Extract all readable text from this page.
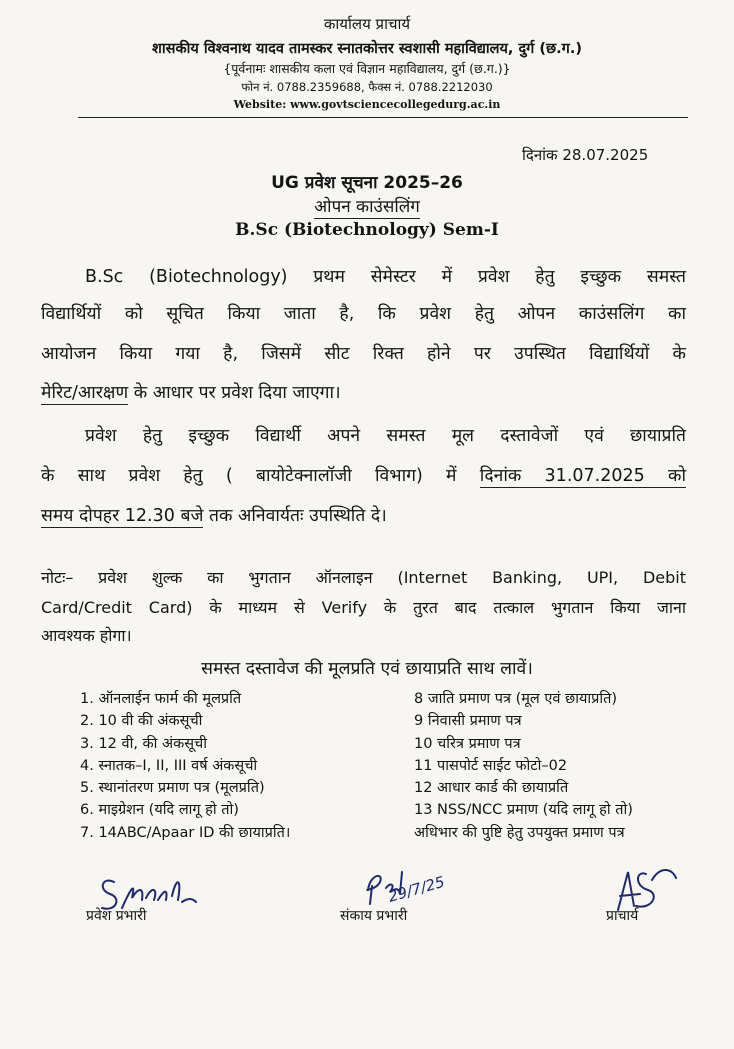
कार्यालय प्राचार्य
शासकीय विश्वनाथ यादव तामस्कर स्नातकोत्तर स्वशासी महाविद्यालय, दुर्ग (छ.ग.)
{पूर्वनामः शासकीय कला एवं विज्ञान महाविद्यालय, दुर्ग (छ.ग.)}
फोन नं. 0788.2359688, फैक्स नं. 0788.2212030
Website: www.govtsciencecollegedurg.ac.in
दिनांक 28.07.2025
UG प्रवेश सूचना 2025–26
ओपन काउंसलिंग
B.Sc (Biotechnology) Sem-I
B.Sc (Biotechnology) प्रथम सेमेस्टर में प्रवेश हेतु इच्छुक समस्त
विद्यार्थियों को सूचित किया जाता है, कि प्रवेश हेतु ओपन काउंसलिंग का
आयोजन किया गया है, जिसमें सीट रिक्त होने पर उपस्थित विद्यार्थियों के
मेरिट/आरक्षण के आधार पर प्रवेश दिया जाएगा।
प्रवेश हेतु इच्छुक विद्यार्थी अपने समस्त मूल दस्तावेजों एवं छायाप्रति
के साथ प्रवेश हेतु ( बायोटेक्नालॉजी विभाग) में दिनांक 31.07.2025 को
समय दोपहर 12.30 बजे तक अनिवार्यतः उपस्थिति दे।
नोटः– प्रवेश शुल्क का भुगतान ऑनलाइन (Internet Banking, UPI, Debit
Card/Credit Card) के माध्यम से Verify के तुरत बाद तत्काल भुगतान किया जाना
आवश्यक होगा।
समस्त दस्तावेज की मूलप्रति एवं छायाप्रति साथ लावें।
1. ऑनलाईन फार्म की मूलप्रति
2. 10 वी की अंकसूची
3. 12 वी, की अंकसूची
4. स्नातक–I, II, III वर्ष अंकसूची
5. स्थानांतरण प्रमाण पत्र (मूलप्रति)
6. माइग्रेशन (यदि लागू हो तो)
7. 14ABC/Apaar ID की छायाप्रति।
8 जाति प्रमाण पत्र (मूल एवं छायाप्रति)
9 निवासी प्रमाण पत्र
10 चरित्र प्रमाण पत्र
11 पासपोर्ट साईट फोटो–02
12 आधार कार्ड की छायाप्रति
13 NSS/NCC प्रमाण (यदि लागू हो तो)
अधिभार की पुष्टि हेतु उपयुक्त प्रमाण पत्र
प्रवेश प्रभारी
29/7/25
संकाय प्रभारी	प्राचार्य
